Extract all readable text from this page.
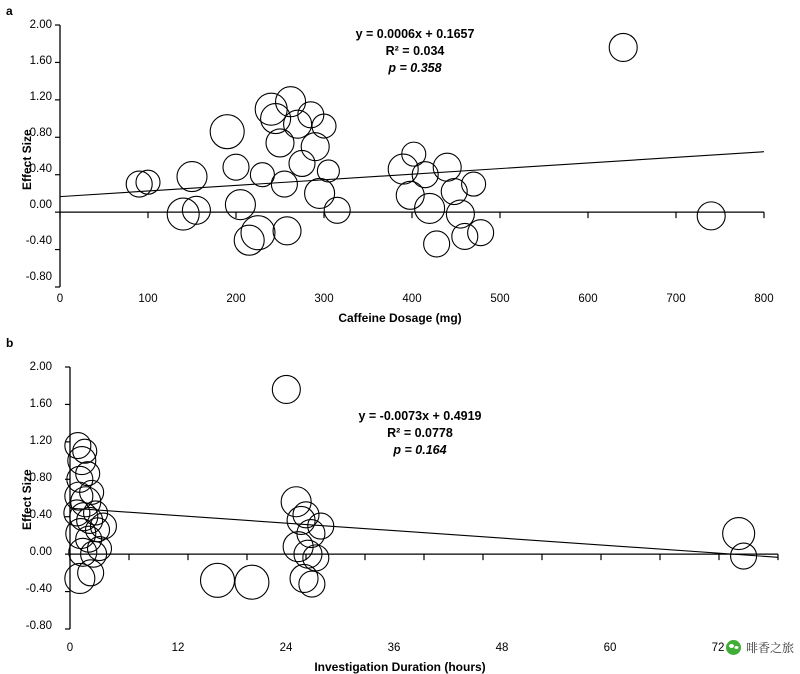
a
Effect Size
y = 0.0006x + 0.1657
R² = 0.034
p = 0.358
2.00
1.60
1.20
0.80
0.40
0.00
-0.40
-0.80
0	100	200	300	400	500	600	700	800
Caffeine Dosage (mg)
b
Effect Size
y = -0.0073x + 0.4919
R² = 0.0778
p = 0.164
2.00
1.60
1.20
0.80
0.40
0.00
-0.40
-0.80
0	12	24	36	48	60	72
Investigation Duration (hours)
啡香之旅
